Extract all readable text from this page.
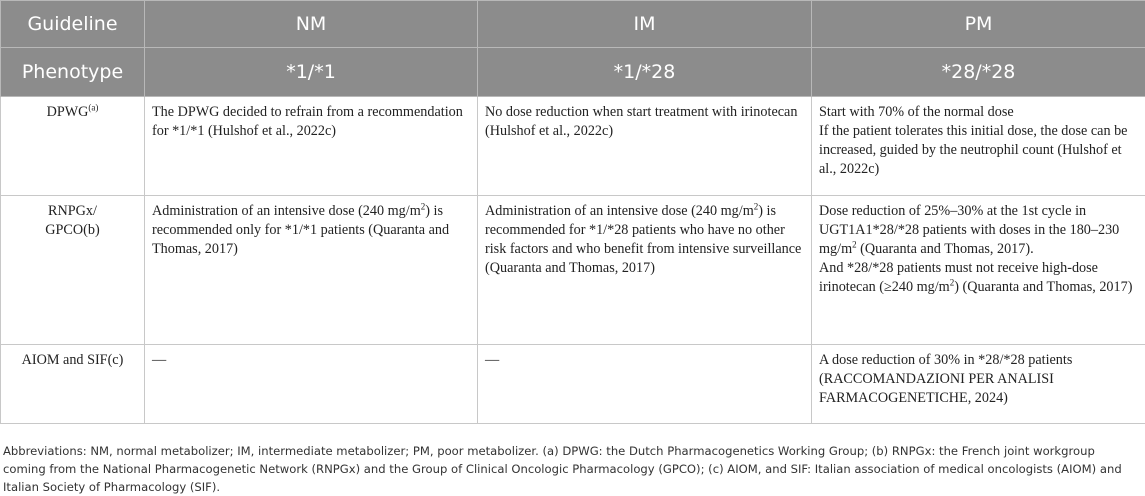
Guideline	NM	IM	PM
Phenotype	*1/*1	*1/*28	*28/*28
DPWG$^{(a)}$	The DPWG decided to refrain from a recommendation for *1/*1 (Hulshof et al., 2022c)	No dose reduction when start treatment with irinotecan (Hulshof et al., 2022c)	Start with 70% of the normal dose
If the patient tolerates this initial dose, the dose can be increased, guided by the neutrophil count (Hulshof et al., 2022c)

RNPGx/
GPCO(b)	Administration of an intensive dose (240 $mg/m^2$) is recommended only for *1/*1 patients (Quaranta and Thomas, 2017)	Administration of an intensive dose (240 $mg/m^2$) is recommended for *1/*28 patients who have no other risk factors and who benefit from intensive surveillance (Quaranta and Thomas, 2017)	Dose reduction of 25%–30% at the 1st cycle in UGT1A1*28/*28 patients with doses in the 180–230 $mg/m^2$ (Quaranta and Thomas, 2017).
And *28/*28 patients must not receive high-dose irinotecan (≥240 $mg/m^2$) (Quaranta and Thomas, 2017)

AIOM and SIF(c)	—	—	A dose reduction of 30% in *28/*28 patients (RACCOMANDAZIONI PER ANALISI FARMACOGENETICHE, 2024)

Abbreviations: NM, normal metabolizer; IM, intermediate metabolizer; PM, poor metabolizer. (a) DPWG: the Dutch Pharmacogenetics Working Group; (b) RNPGx: the French joint workgroup coming from the National Pharmacogenetic Network (RNPGx) and the Group of Clinical Oncologic Pharmacology (GPCO); (c) AIOM, and SIF: Italian association of medical oncologists (AIOM) and Italian Society of Pharmacology (SIF).
